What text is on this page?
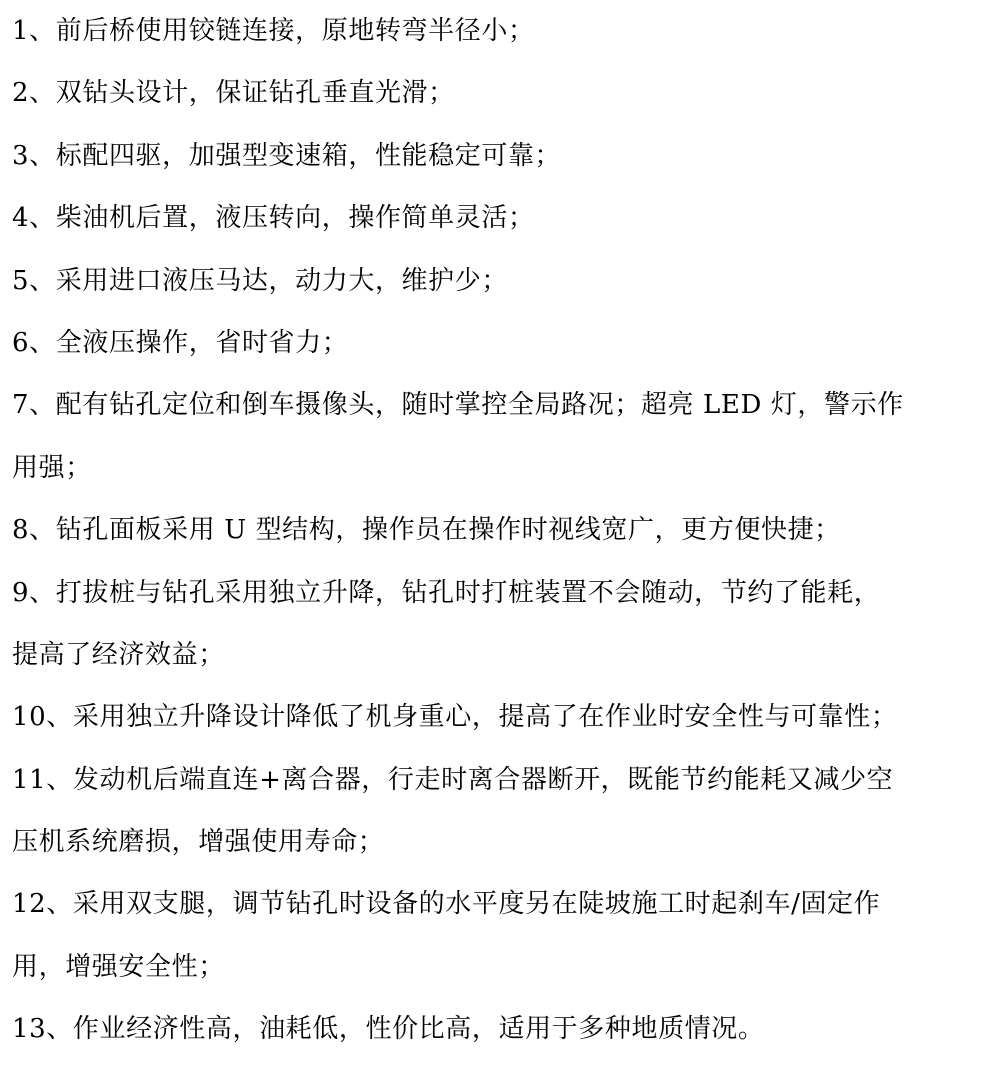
1、前后桥使用铰链连接，原地转弯半径小；
2、双钻头设计，保证钻孔垂直光滑；
3、标配四驱，加强型变速箱，性能稳定可靠；
4、柴油机后置，液压转向，操作简单灵活；
5、采用进口液压马达，动力大，维护少；
6、全液压操作，省时省力；
7、配有钻孔定位和倒车摄像头，随时掌控全局路况；超亮 LED 灯，警示作
用强；
8、钻孔面板采用 U 型结构，操作员在操作时视线宽广，更方便快捷；
9、打拔桩与钻孔采用独立升降，钻孔时打桩装置不会随动，节约了能耗，
提高了经济效益；
10、采用独立升降设计降低了机身重心，提高了在作业时安全性与可靠性；
11、发动机后端直连+离合器，行走时离合器断开，既能节约能耗又减少空
压机系统磨损，增强使用寿命；
12、采用双支腿，调节钻孔时设备的水平度另在陡坡施工时起刹车/固定作
用，增强安全性；
13、作业经济性高，油耗低，性价比高，适用于多种地质情况。
